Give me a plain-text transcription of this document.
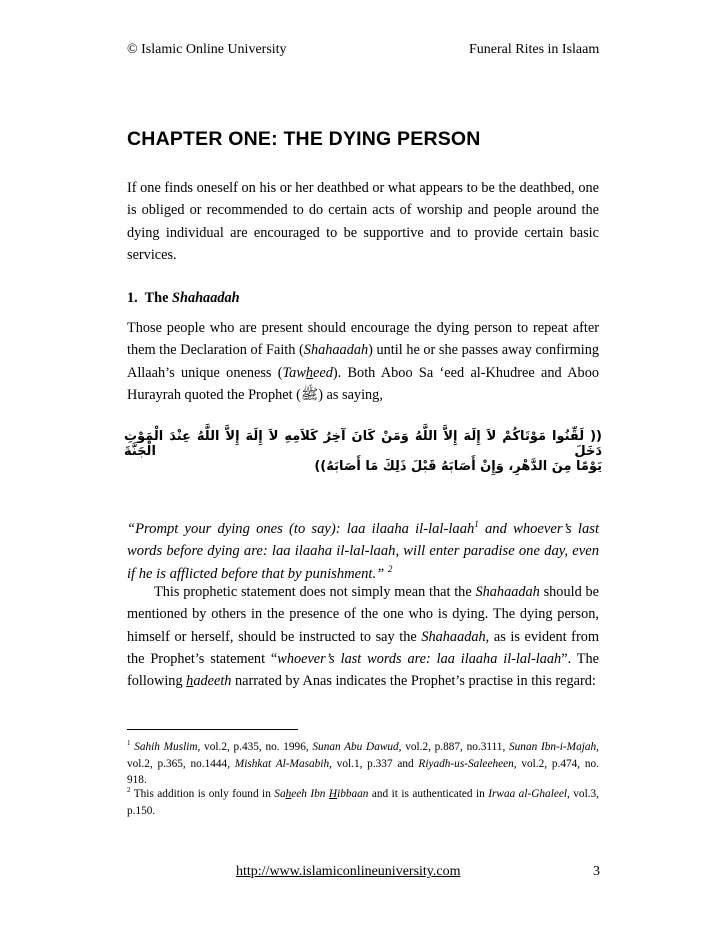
© Islamic Online University	Funeral Rites in Islaam
CHAPTER ONE: THE DYING PERSON

If one finds oneself on his or her deathbed or what appears to be the deathbed, one is obliged or recommended to do certain acts of worship and people around the dying individual are encouraged to be supportive and to provide certain basic services.

1. The Shahaadah

Those people who are present should encourage the dying person to repeat after them the Declaration of Faith (Shahaadah) until he or she passes away confirming Allaah’s unique oneness (Tawheed). Both Aboo Sa ‘eed al-Khudree and Aboo Hurayrah quoted the Prophet (ﷺ) as saying,

(( لَقِّنُوا مَوْتَاكُمْ لاَ إِلَهَ إِلاَّ اللَّهُ وَمَنْ كَانَ آخِرُ كَلاَمِهِ لاَ إِلَهَ إِلاَّ اللَّهُ عِنْدَ الْمَوْتِ دَخَلَ الْجَنَّةَ
يَوْمًا مِنَ الدَّهْرِ، وَإِنْ أَصَابَهُ قَبْلَ ذَلِكَ مَا أَصَابَهُ))

“Prompt your dying ones (to say): laa ilaaha il-lal-laah$^1$ and whoever’s last words before dying are: laa ilaaha il-lal-laah, will enter paradise one day, even if he is afflicted before that by punishment.” $^2$

This prophetic statement does not simply mean that the Shahaadah should be mentioned by others in the presence of the one who is dying. The dying person, himself or herself, should be instructed to say the Shahaadah, as is evident from the Prophet’s statement “whoever’s last words are: laa ilaaha il-lal-laah”. The following hadeeth narrated by Anas indicates the Prophet’s practise in this regard:

$^1$ Sahih Muslim, vol.2, p.435, no. 1996, Sunan Abu Dawud, vol.2, p.887, no.3111, Sunan Ibn-i-Majah, vol.2, p.365, no.1444, Mishkat Al-Masabih, vol.1, p.337 and Riyadh-us-Saleeheen, vol.2, p.474, no. 918.

$^2$ This addition is only found in Saheeh Ibn Hibbaan and it is authenticated in Irwaa al-Ghaleel, vol.3, p.150.

http://www.islamiconlineuniversity.com	3
